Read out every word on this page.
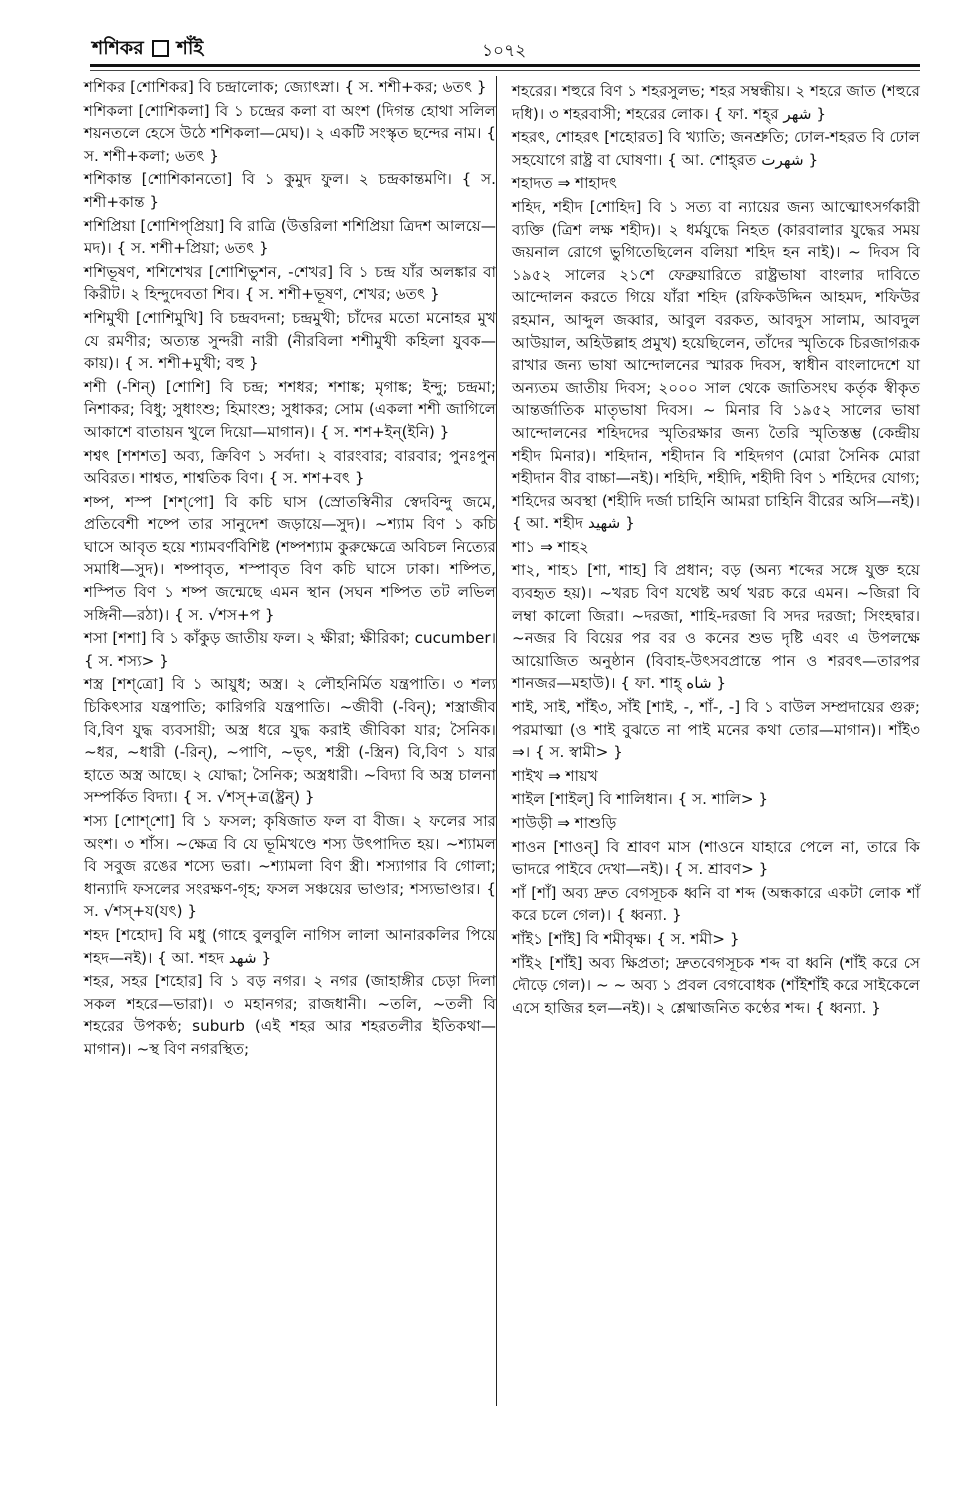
শশিকর শাঁই	১০৭২

শশিকর [শোশিকর] বি চন্দ্রালোক; জ্যোৎস্না। { স. শশী+কর; ৬তৎ }

শশিকলা [শোশিকলা] বি ১ চন্দ্রের কলা বা অংশ (দিগন্ত হোথা সলিল শয়নতলে হেসে উঠে শশিকলা—মেঘ)। ২ একটি সংস্কৃত ছন্দের নাম। { স. শশী+কলা; ৬তৎ }

শশিকান্ত [শোশিকানতো] বি ১ কুমুদ ফুল। ২ চন্দ্রকান্তমণি। { স. শশী+কান্ত }

শশিপ্রিয়া [শোশিপ্‌প্রিয়া] বি রাত্রি (উত্তরিলা শশিপ্রিয়া ত্রিদশ আলয়ে—মদ)। { স. শশী+প্রিয়া; ৬তৎ }

শশিভূষণ, শশিশেখর [শোশিভুশন, -শেখর] বি ১ চন্দ্র যাঁর অলঙ্কার বা কিরীট। ২ হিন্দুদেবতা শিব। { স. শশী+ভূষণ, শেখর; ৬তৎ }

শশিমুখী [শোশিমুখি] বি চন্দ্রবদনা; চন্দ্রমুখী; চাঁদের মতো মনোহর মুখ যে রমণীর; অত্যন্ত সুন্দরী নারী (নীরবিলা শশীমুখী কহিলা যুবক—কায়)। { স. শশী+মুখী; বহু }

শশী (-শিন্) [শোশি] বি চন্দ্র; শশধর; শশাঙ্ক; মৃগাঙ্ক; ইন্দু; চন্দ্রমা; নিশাকর; বিধু; সুধাংশু; হিমাংশু; সুধাকর; সোম (একলা শশী জাগিলে আকাশে বাতায়ন খুলে দিয়ো—মাগান)। { স. শশ+ইন্(ইনি) }

শশ্বৎ [শশশত] অব্য, ক্রিবিণ ১ সর্বদা। ২ বারংবার; বারবার; পুনঃপুন অবিরত। শাশ্বত, শাশ্বতিক বিণ। { স. শশ+বৎ }

শষ্প, শস্প [শশ্‌পো] বি কচি ঘাস (স্রোতস্বিনীর স্বেদবিন্দু জমে, প্রতিবেশী শষ্পে তার সানুদেশ জড়ায়ে—সুদ)। ~শ্যাম বিণ ১ কচি ঘাসে আবৃত হয়ে শ্যামবর্ণবিশিষ্ট (শষ্পশ্যাম কুরুক্ষেত্রে অবিচল নিত্যের সমাধি—সুদ)। শষ্পাবৃত, শস্পাবৃত বিণ কচি ঘাসে ঢাকা। শষ্পিত, শস্পিত বিণ ১ শষ্প জন্মেছে এমন স্থান (সঘন শষ্পিত তট লভিল সঙ্গিনী—রঠা)। { স. √শস+প }

শসা [শশা] বি ১ কাঁকুড় জাতীয় ফল। ২ ক্ষীরা; ক্ষীরিকা; cucumber। { স. শস্য> }

শস্ত্র [শশ্‌ত্রো] বি ১ আয়ুধ; অস্ত্র। ২ লৌহনির্মিত যন্ত্রপাতি। ৩ শল্য চিকিৎসার যন্ত্রপাতি; কারিগরি যন্ত্রপাতি। ~জীবী (-বিন্); শস্ত্রাজীব বি,বিণ যুদ্ধ ব্যবসায়ী; অস্ত্র ধরে যুদ্ধ করাই জীবিকা যার; সৈনিক। ~ধর, ~ধারী (-রিন্), ~পাণি, ~ভৃৎ, শস্ত্রী (-স্ত্রিন) বি,বিণ ১ যার হাতে অস্ত্র আছে। ২ যোদ্ধা; সৈনিক; অস্ত্রধারী। ~বিদ্যা বি অস্ত্র চালনা সম্পর্কিত বিদ্যা। { স. √শস্+ত্র(ষ্ট্রন্) }

শস্য [শোশ্‌শো] বি ১ ফসল; কৃষিজাত ফল বা বীজ। ২ ফলের সার অংশ। ৩ শাঁস। ~ক্ষেত্র বি যে ভূমিখণ্ডে শস্য উৎপাদিত হয়। ~শ্যামল বি সবুজ রঙের শস্যে ভরা। ~শ্যামলা বিণ স্ত্রী। শস্যাগার বি গোলা; ধান্যাদি ফসলের সংরক্ষণ-গৃহ; ফসল সঞ্চয়ের ভাণ্ডার; শস্যভাণ্ডার। { স. √শস্+য(যৎ) }

শহদ [শহোদ] বি মধু (গাহে বুলবুলি নাগিস লালা আনারকলির পিয়ে শহদ—নই)। { আ. শহদ شهد }

শহর, সহর [শহোর] বি ১ বড় নগর। ২ নগর (জাহাঙ্গীর চেড়া দিলা সকল শহরে—ভারা)। ৩ মহানগর; রাজধানী। ~তলি, ~তলী বি শহরের উপকণ্ঠ; suburb (এই শহর আর শহরতলীর ইতিকথা—মাগান)। ~স্থ বিণ নগরস্থিত;

শহরের। শহুরে বিণ ১ শহরসুলভ; শহর সম্বন্ধীয়। ২ শহরে জাত (শহুরে দধি)। ৩ শহরবাসী; শহরের লোক। { ফা. শহ্‌র شهر }

শহরৎ, শোহরৎ [শহোরত] বি খ্যাতি; জনশ্রুতি; ঢোল-শহরত বি ঢোল সহযোগে রাষ্ট্র বা ঘোষণা। { আ. শোহ্‌রত شهرت }

শহাদত ⇒ শাহাদৎ

শহিদ, শহীদ [শোহিদ] বি ১ সত্য বা ন্যায়ের জন্য আত্মোৎসর্গকারী ব্যক্তি (ত্রিশ লক্ষ শহীদ)। ২ ধর্মযুদ্ধে নিহত (কারবালার যুদ্ধের সময় জয়নাল রোগে ভুগিতেছিলেন বলিয়া শহিদ হন নাই)। ~ দিবস বি ১৯৫২ সালের ২১শে ফেব্রুয়ারিতে রাষ্ট্রভাষা বাংলার দাবিতে আন্দোলন করতে গিয়ে যাঁরা শহিদ (রফিকউদ্দিন আহমদ, শফিউর রহমান, আব্দুল জব্বার, আবুল বরকত, আবদুস সালাম, আবদুল আউয়াল, অহিউল্লাহ প্রমুখ) হয়েছিলেন, তাঁদের স্মৃতিকে চিরজাগরূক রাখার জন্য ভাষা আন্দোলনের স্মারক দিবস, স্বাধীন বাংলাদেশে যা অন্যতম জাতীয় দিবস; ২০০০ সাল থেকে জাতিসংঘ কর্তৃক স্বীকৃত আন্তর্জাতিক মাতৃভাষা দিবস। ~ মিনার বি ১৯৫২ সালের ভাষা আন্দোলনের শহিদদের স্মৃতিরক্ষার জন্য তৈরি স্মৃতিস্তম্ভ (কেন্দ্রীয় শহীদ মিনার)। শহিদান, শহীদান বি শহিদগণ (মোরা সৈনিক মোরা শহীদান বীর বাচ্চা—নই)। শহিদি, শহীদি, শহীদী বিণ ১ শহিদের যোগ্য; শহিদের অবস্থা (শহীদি দর্জা চাহিনি আমরা চাহিনি বীরের অসি—নই)। { আ. শহীদ شهيد }

শা১ ⇒ শাহ২

শা২, শাহ১ [শা, শাহ] বি প্রধান; বড় (অন্য শব্দের সঙ্গে যুক্ত হয়ে ব্যবহৃত হয়)। ~খরচ বিণ যথেষ্ট অর্থ খরচ করে এমন। ~জিরা বি লম্বা কালো জিরা। ~দরজা, শাহি-দরজা বি সদর দরজা; সিংহদ্বার। ~নজর বি বিয়ের পর বর ও কনের শুভ দৃষ্টি এবং এ উপলক্ষে আয়োজিত অনুষ্ঠান (বিবাহ-উৎসবপ্রান্তে পান ও শরবৎ—তারপর শানজর—মহাউ)। { ফা. শাহ্‌ شاه }

শাই, সাই, শাঁই৩, সাঁই [শাই, -, শাঁ-, -] বি ১ বাউল সম্প্রদায়ের গুরু; পরমাত্মা (ও শাই বুঝতে না পাই মনের কথা তোর—মাগান)। শাঁই৩ ⇒। { স. স্বামী> }

শাইখ ⇒ শায়খ

শাইল [শাইল্] বি শালিধান। { স. শালি> }

শাউড়ী ⇒ শাশুড়ি

শাওন [শাওন্] বি শ্রাবণ মাস (শাওনে যাহারে পেলে না, তারে কি ভাদরে পাইবে দেখা—নই)। { স. শ্রাবণ> }

শাঁ [শাঁ] অব্য দ্রুত বেগসূচক ধ্বনি বা শব্দ (অন্ধকারে একটা লোক শাঁ করে চলে গেল)। { ধ্বন্যা. }

শাঁই১ [শাঁই] বি শমীবৃক্ষ। { স. শমী> }

শাঁই২ [শাঁই] অব্য ক্ষিপ্রতা; দ্রুতবেগসূচক শব্দ বা ধ্বনি (শাঁই করে সে দৌড়ে গেল)। ~ ~ অব্য ১ প্রবল বেগবোধক (শাঁইশাঁই করে সাইকেলে এসে হাজির হল—নই)। ২ শ্লেষ্মাজনিত কণ্ঠের শব্দ। { ধ্বন্যা. }
